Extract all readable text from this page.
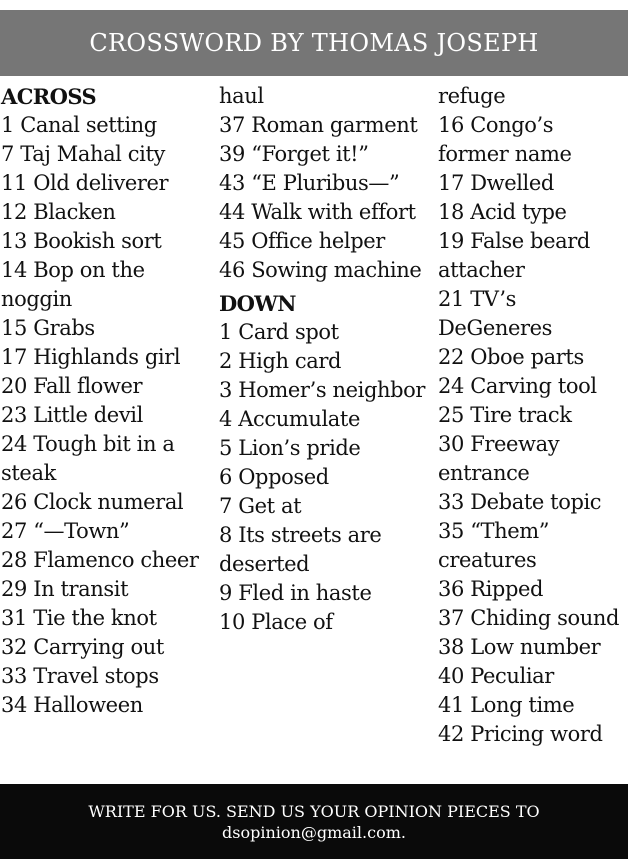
CROSSWORD BY THOMAS JOSEPH
ACROSS
1 Canal setting
7 Taj Mahal city
11 Old deliverer
12 Blacken
13 Bookish sort
14 Bop on the noggin
15 Grabs
17 Highlands girl
20 Fall flower
23 Little devil
24 Tough bit in a steak
26 Clock numeral
27 “—Town”
28 Flamenco cheer
29 In transit
31 Tie the knot
32 Carrying out
33 Travel stops
34 Halloween
haul
37 Roman garment
39 “Forget it!”
43 “E Pluribus—”
44 Walk with effort
45 Office helper
46 Sowing machine
DOWN
1 Card spot
2 High card
3 Homer’s neighbor
4 Accumulate
5 Lion’s pride
6 Opposed
7 Get at
8 Its streets are deserted
9 Fled in haste
10 Place of
refuge
16 Congo’s former name
17 Dwelled
18 Acid type
19 False beard attacher
21 TV’s DeGeneres
22 Oboe parts
24 Carving tool
25 Tire track
30 Freeway entrance
33 Debate topic
35 “Them” creatures
36 Ripped
37 Chiding sound
38 Low number
40 Peculiar
41 Long time
42 Pricing word
WRITE FOR US. SEND US YOUR OPINION PIECES TO
dsopinion@gmail.com.
